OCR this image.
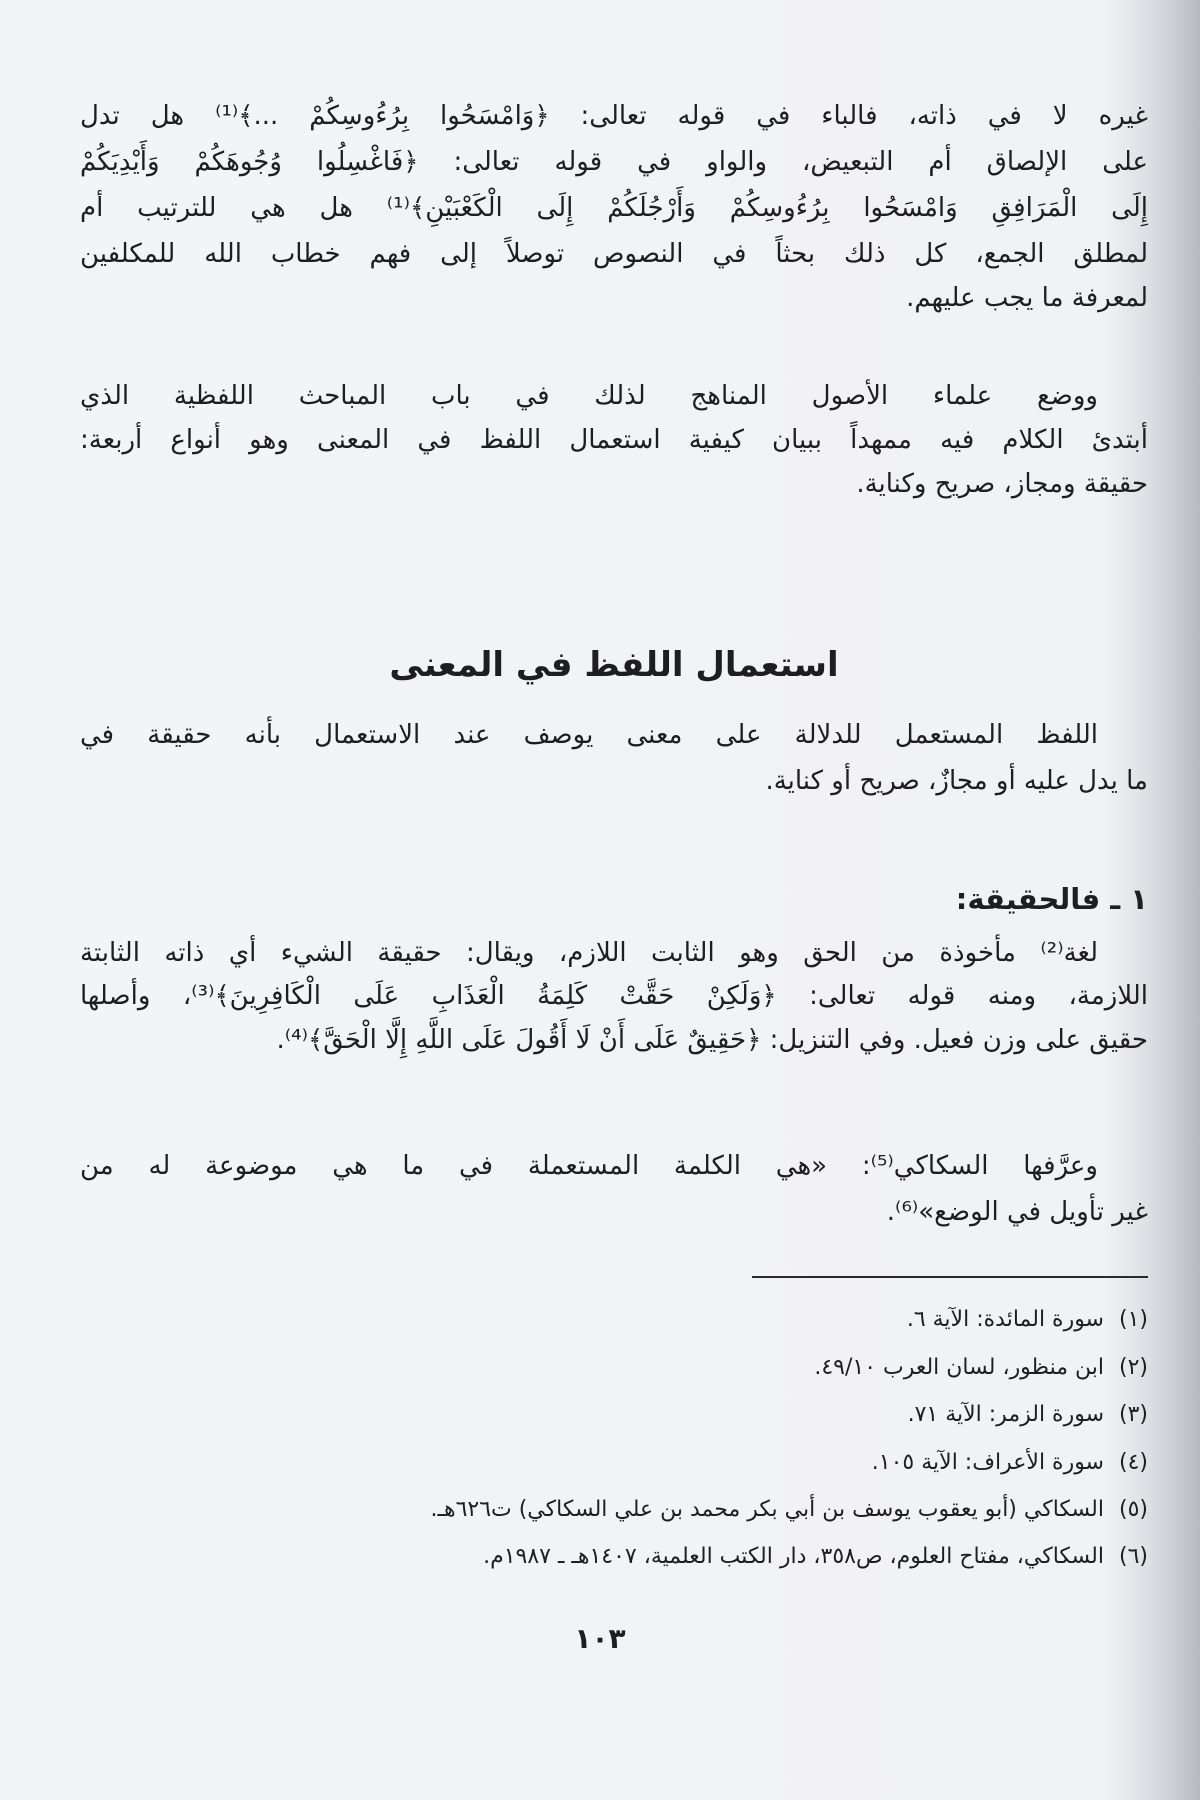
غيره لا في ذاته، فالباء في قوله تعالى: ﴿وَامْسَحُوا بِرُءُوسِكُمْ ...﴾⁽¹⁾ هل تدل
على الإلصاق أم التبعيض، والواو في قوله تعالى: ﴿فَاغْسِلُوا وُجُوهَكُمْ وَأَيْدِيَكُمْ
إِلَى الْمَرَافِقِ وَامْسَحُوا بِرُءُوسِكُمْ وَأَرْجُلَكُمْ إِلَى الْكَعْبَيْنِ﴾⁽¹⁾ هل هي للترتيب أم
لمطلق الجمع، كل ذلك بحثاً في النصوص توصلاً إلى فهم خطاب الله للمكلفين
لمعرفة ما يجب عليهم.
ووضع علماء الأصول المناهج لذلك في باب المباحث اللفظية الذي
أبتدئ الكلام فيه ممهداً ببيان كيفية استعمال اللفظ في المعنى وهو أنواع أربعة:
حقيقة ومجاز، صريح وكناية.
استعمال اللفظ في المعنى
اللفظ المستعمل للدلالة على معنى يوصف عند الاستعمال بأنه حقيقة في
ما يدل عليه أو مجازٌ، صريح أو كناية.
١ ـ فالحقيقة:
لغة⁽²⁾ مأخوذة من الحق وهو الثابت اللازم، ويقال: حقيقة الشيء أي ذاته الثابتة
اللازمة، ومنه قوله تعالى: ﴿وَلَكِنْ حَقَّتْ كَلِمَةُ الْعَذَابِ عَلَى الْكَافِرِينَ﴾⁽³⁾، وأصلها
حقيق على وزن فعيل. وفي التنزيل: ﴿حَقِيقٌ عَلَى أَنْ لَا أَقُولَ عَلَى اللَّهِ إِلَّا الْحَقَّ﴾⁽⁴⁾.
وعرَّفها السكاكي⁽⁵⁾: «هي الكلمة المستعملة في ما هي موضوعة له من
غير تأويل في الوضع»⁽⁶⁾.
(١)
سورة المائدة: الآية ٦.
(٢)
ابن منظور، لسان العرب ٤٩/١٠.
(٣)
سورة الزمر: الآية ٧١.
(٤)
سورة الأعراف: الآية ١٠٥.
(٥)
السكاكي (أبو يعقوب يوسف بن أبي بكر محمد بن علي السكاكي) ت٦٢٦هـ.
(٦)
السكاكي، مفتاح العلوم، ص٣٥٨، دار الكتب العلمية، ١٤٠٧هـ ـ ١٩٨٧م.
١٠٣
